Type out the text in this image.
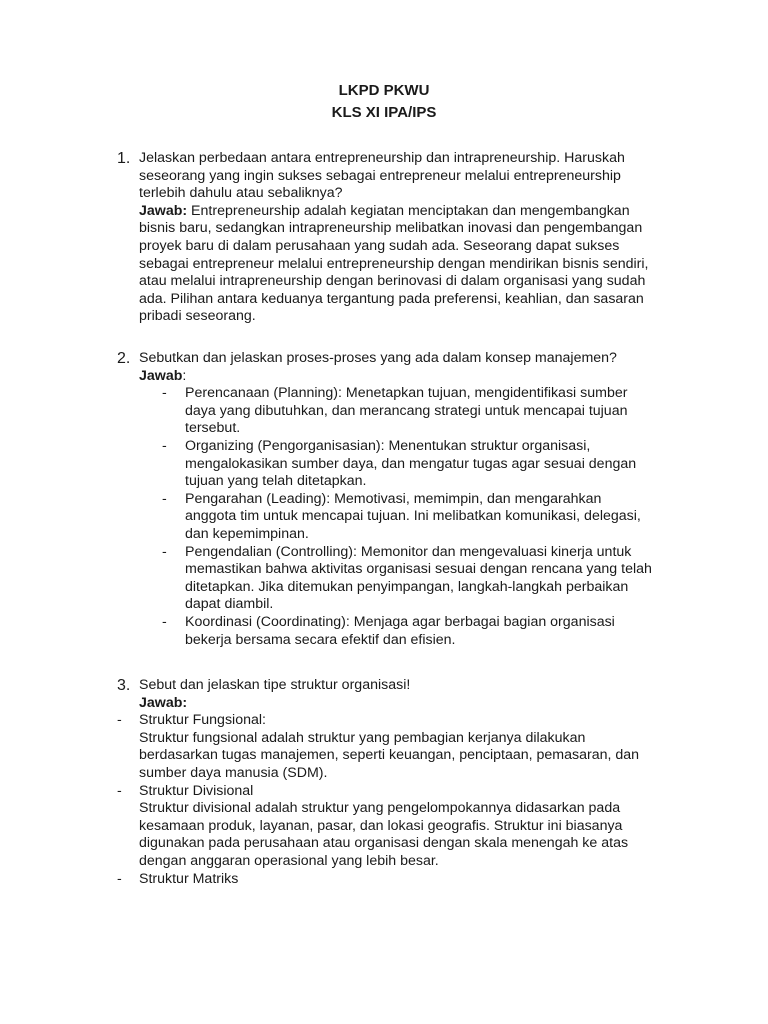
LKPD PKWU
KLS XI IPA/IPS
1. Jelaskan perbedaan antara entrepreneurship dan intrapreneurship. Haruskah
seseorang yang ingin sukses sebagai entrepreneur melalui entrepreneurship
terlebih dahulu atau sebaliknya?
Jawab: Entrepreneurship adalah kegiatan menciptakan dan mengembangkan
bisnis baru, sedangkan intrapreneurship melibatkan inovasi dan pengembangan
proyek baru di dalam perusahaan yang sudah ada. Seseorang dapat sukses
sebagai entrepreneur melalui entrepreneurship dengan mendirikan bisnis sendiri,
atau melalui intrapreneurship dengan berinovasi di dalam organisasi yang sudah
ada. Pilihan antara keduanya tergantung pada preferensi, keahlian, dan sasaran
pribadi seseorang.
2. Sebutkan dan jelaskan proses-proses yang ada dalam konsep manajemen?
Jawab:
- Perencanaan (Planning): Menetapkan tujuan, mengidentifikasi sumber
daya yang dibutuhkan, dan merancang strategi untuk mencapai tujuan
tersebut.
- Organizing (Pengorganisasian): Menentukan struktur organisasi,
mengalokasikan sumber daya, dan mengatur tugas agar sesuai dengan
tujuan yang telah ditetapkan.
- Pengarahan (Leading): Memotivasi, memimpin, dan mengarahkan
anggota tim untuk mencapai tujuan. Ini melibatkan komunikasi, delegasi,
dan kepemimpinan.
- Pengendalian (Controlling): Memonitor dan mengevaluasi kinerja untuk
memastikan bahwa aktivitas organisasi sesuai dengan rencana yang telah
ditetapkan. Jika ditemukan penyimpangan, langkah-langkah perbaikan
dapat diambil.
- Koordinasi (Coordinating): Menjaga agar berbagai bagian organisasi
bekerja bersama secara efektif dan efisien.
3. Sebut dan jelaskan tipe struktur organisasi!
Jawab:
- Struktur Fungsional:
Struktur fungsional adalah struktur yang pembagian kerjanya dilakukan
berdasarkan tugas manajemen, seperti keuangan, penciptaan, pemasaran, dan
sumber daya manusia (SDM).
- Struktur Divisional
Struktur divisional adalah struktur yang pengelompokannya didasarkan pada
kesamaan produk, layanan, pasar, dan lokasi geografis. Struktur ini biasanya
digunakan pada perusahaan atau organisasi dengan skala menengah ke atas
dengan anggaran operasional yang lebih besar.
- Struktur Matriks
